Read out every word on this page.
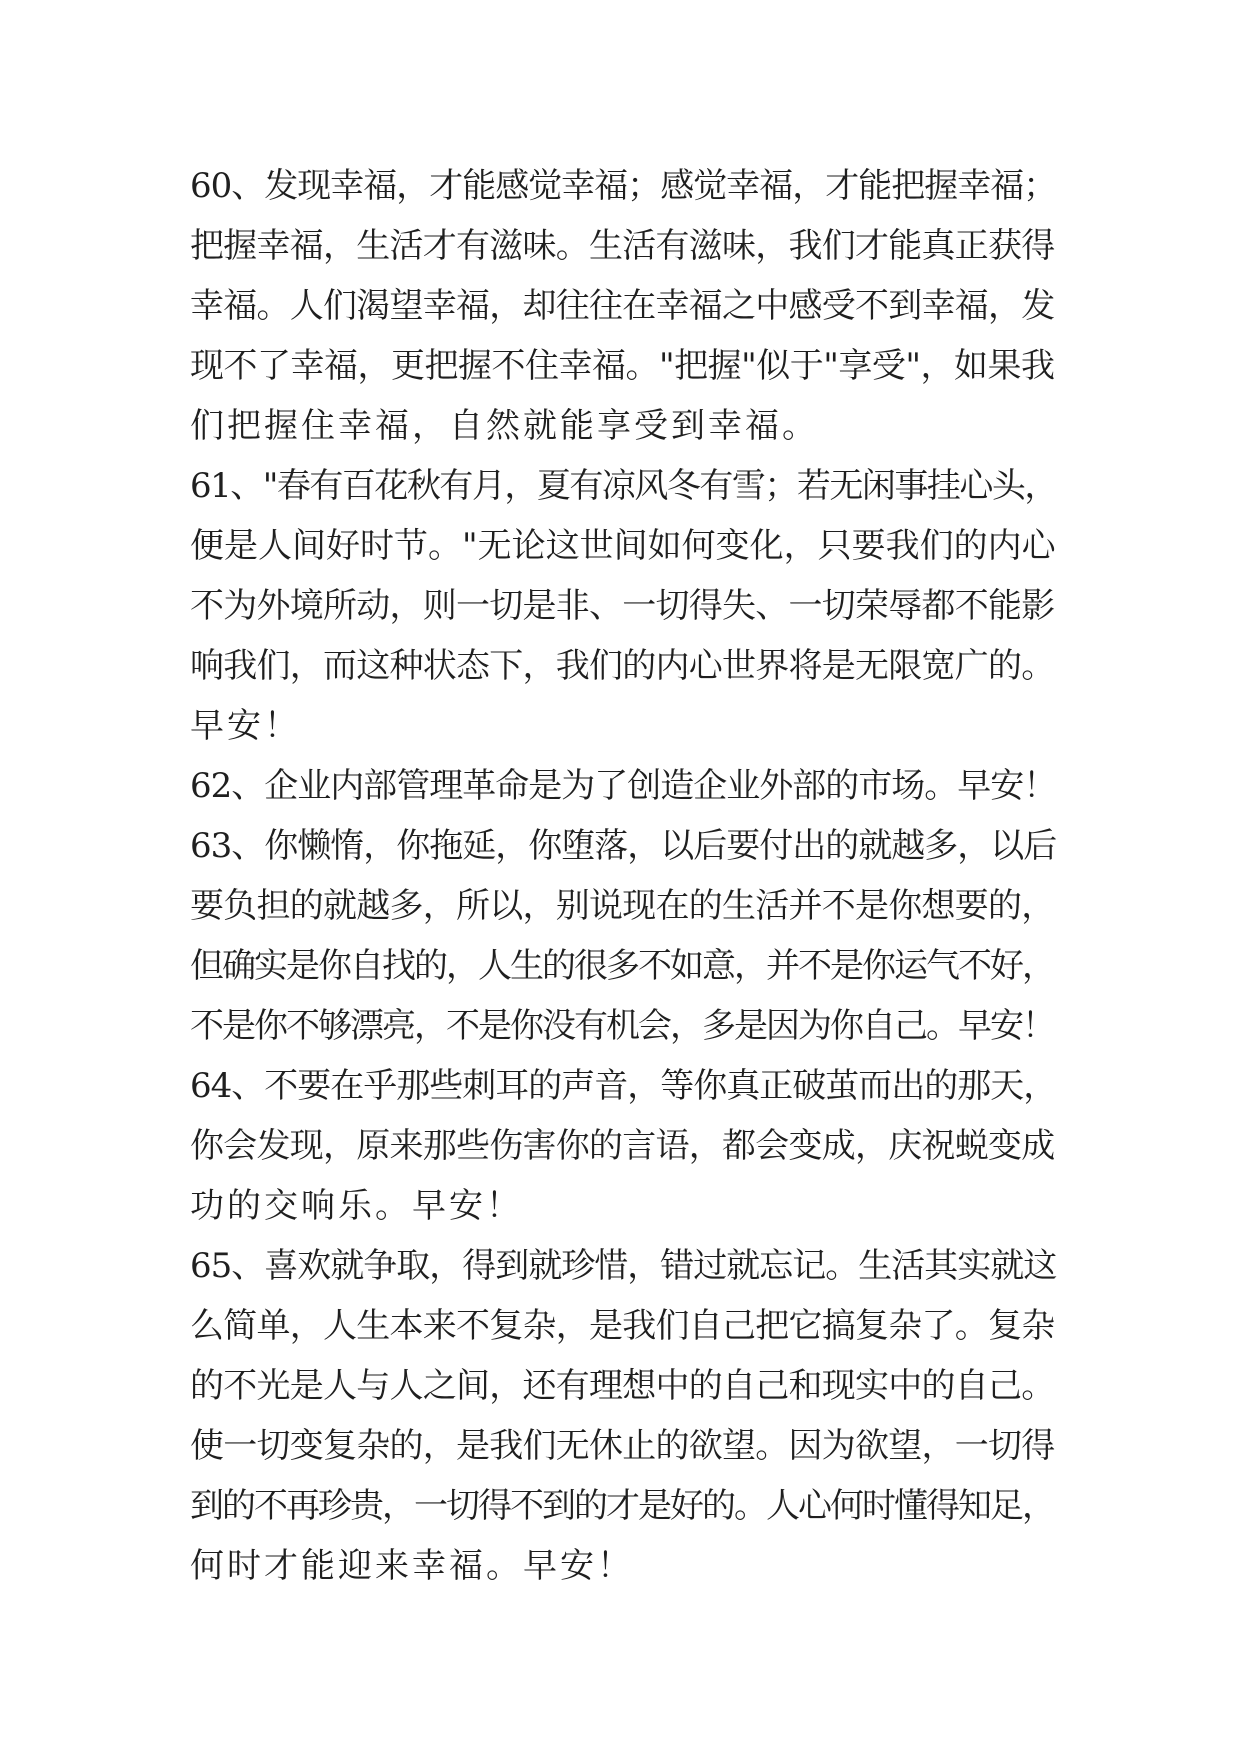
60、发现幸福，才能感觉幸福；感觉幸福，才能把握幸福；
把握幸福，生活才有滋味。生活有滋味，我们才能真正获得
幸福。人们渴望幸福，却往往在幸福之中感受不到幸福，发
现不了幸福，更把握不住幸福。"把握"似于"享受"，如果我
们把握住幸福，自然就能享受到幸福。
61、"春有百花秋有月，夏有凉风冬有雪；若无闲事挂心头，
便是人间好时节。"无论这世间如何变化，只要我们的内心
不为外境所动，则一切是非、一切得失、一切荣辱都不能影
响我们，而这种状态下，我们的内心世界将是无限宽广的。
早安！
62、企业内部管理革命是为了创造企业外部的市场。早安！
63、你懒惰，你拖延，你堕落，以后要付出的就越多，以后
要负担的就越多，所以，别说现在的生活并不是你想要的，
但确实是你自找的，人生的很多不如意，并不是你运气不好，
不是你不够漂亮，不是你没有机会，多是因为你自己。早安！
64、不要在乎那些刺耳的声音，等你真正破茧而出的那天，
你会发现，原来那些伤害你的言语，都会变成，庆祝蜕变成
功的交响乐。早安！
65、喜欢就争取，得到就珍惜，错过就忘记。生活其实就这
么简单，人生本来不复杂，是我们自己把它搞复杂了。复杂
的不光是人与人之间，还有理想中的自己和现实中的自己。
使一切变复杂的，是我们无休止的欲望。因为欲望，一切得
到的不再珍贵，一切得不到的才是好的。人心何时懂得知足，
何时才能迎来幸福。早安！
